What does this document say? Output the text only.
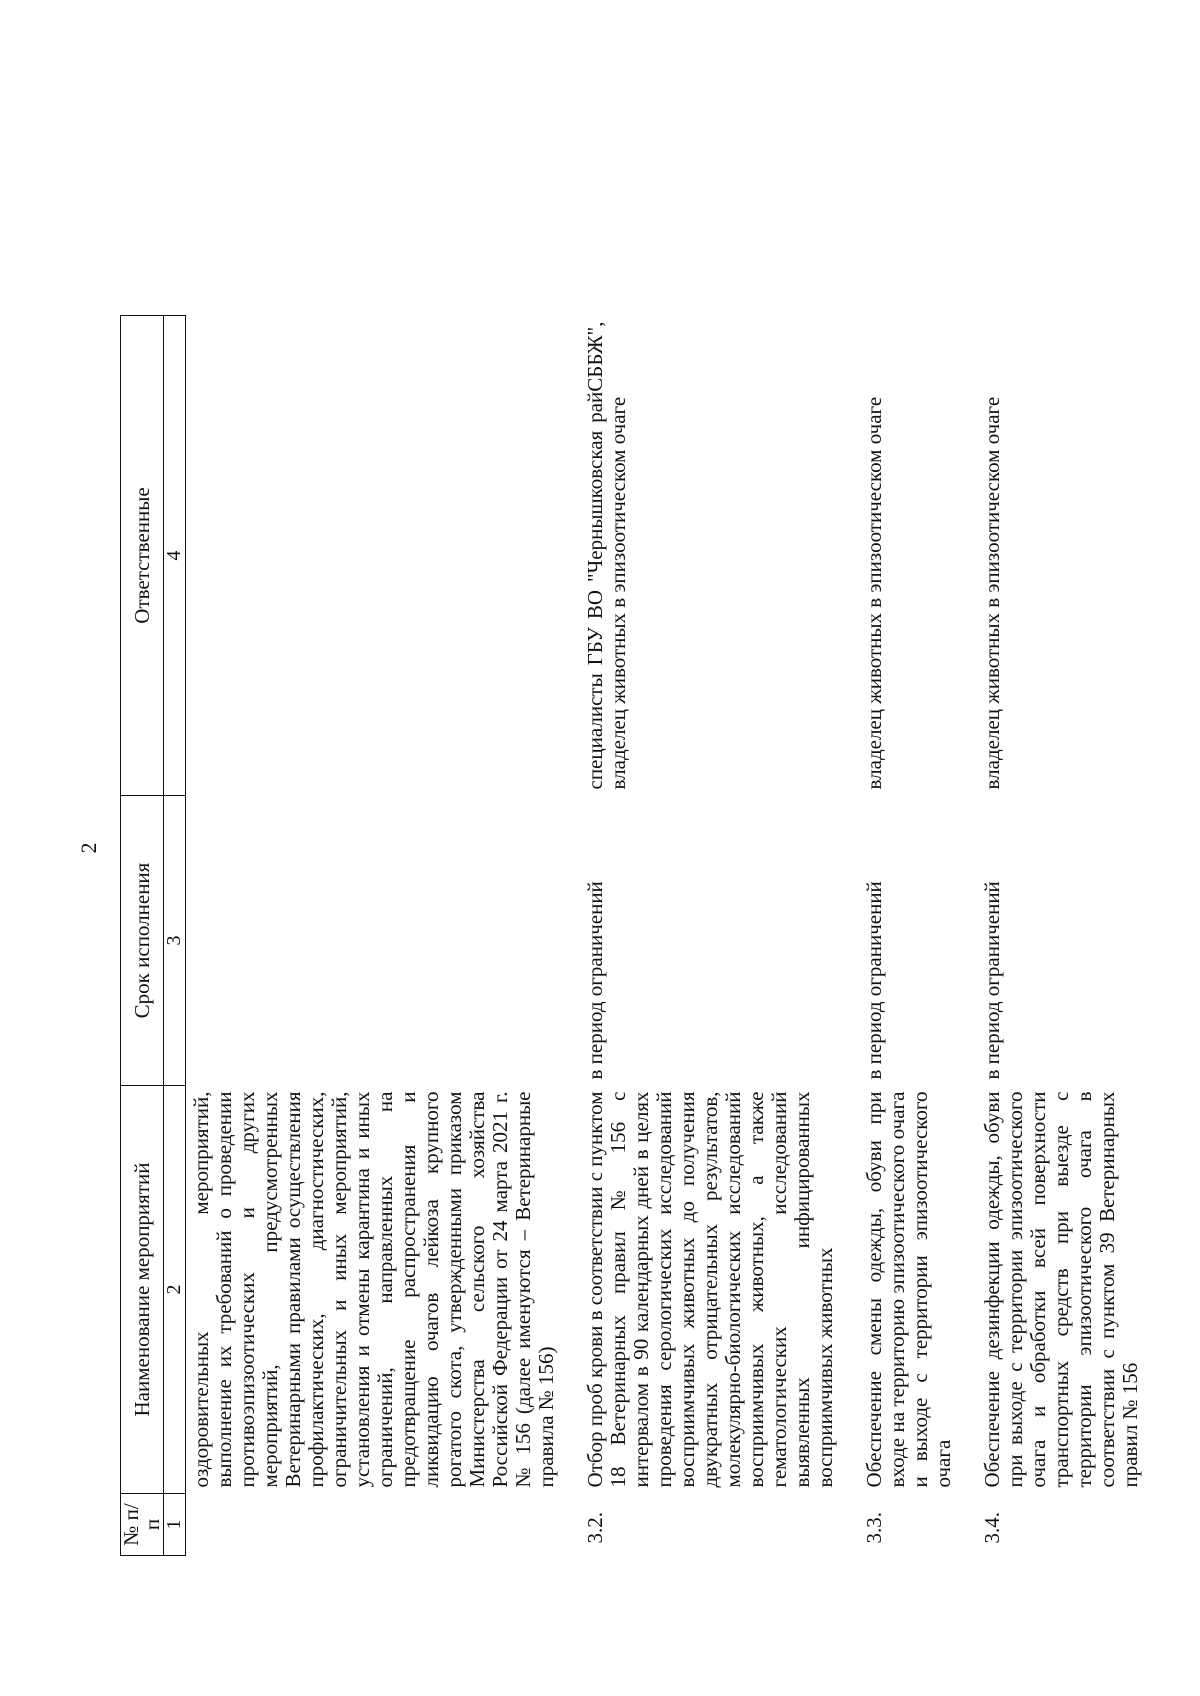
2
№ п/п	Наименование мероприятий	Срок исполнения	Ответственные
1	2	3	4
	оздоровительных мероприятий, выполнение их требований о проведении противоэпизоотических и других мероприятий, предусмотренных Ветеринарными правилами осуществления профилактических, диагностических, ограничительных и иных мероприятий, установления и отмены карантина и иных ограничений, направленных на предотвращение распространения и ликвидацию очагов лейкоза крупного рогатого скота, утвержденными приказом Министерства сельского хозяйства Российской Федерации от 24 марта 2021 г. № 156 (далее именуются – Ветеринарные правила № 156)		
3.2.	Отбор проб крови в соответствии с пунктом 18 Ветеринарных правил № 156 с интервалом в 90 календарных дней в целях проведения серологических исследований восприимчивых животных до получения двукратных отрицательных результатов, молекулярно-биологических исследований восприимчивых животных, а также гематологических исследований выявленных инфицированных восприимчивых животных	в период ограничений	специалисты ГБУ ВО "Чернышковская райСББЖ", владелец животных в эпизоотическом очаге
3.3.	Обеспечение смены одежды, обуви при входе на территорию эпизоотического очага и выходе с территории эпизоотического очага	в период ограничений	владелец животных в эпизоотическом очаге
3.4.	Обеспечение дезинфекции одежды, обуви при выходе с территории эпизоотического очага и обработки всей поверхности транспортных средств при выезде с территории эпизоотического очага в соответствии с пунктом 39 Ветеринарных правил № 156	в период ограничений	владелец животных в эпизоотическом очаге
